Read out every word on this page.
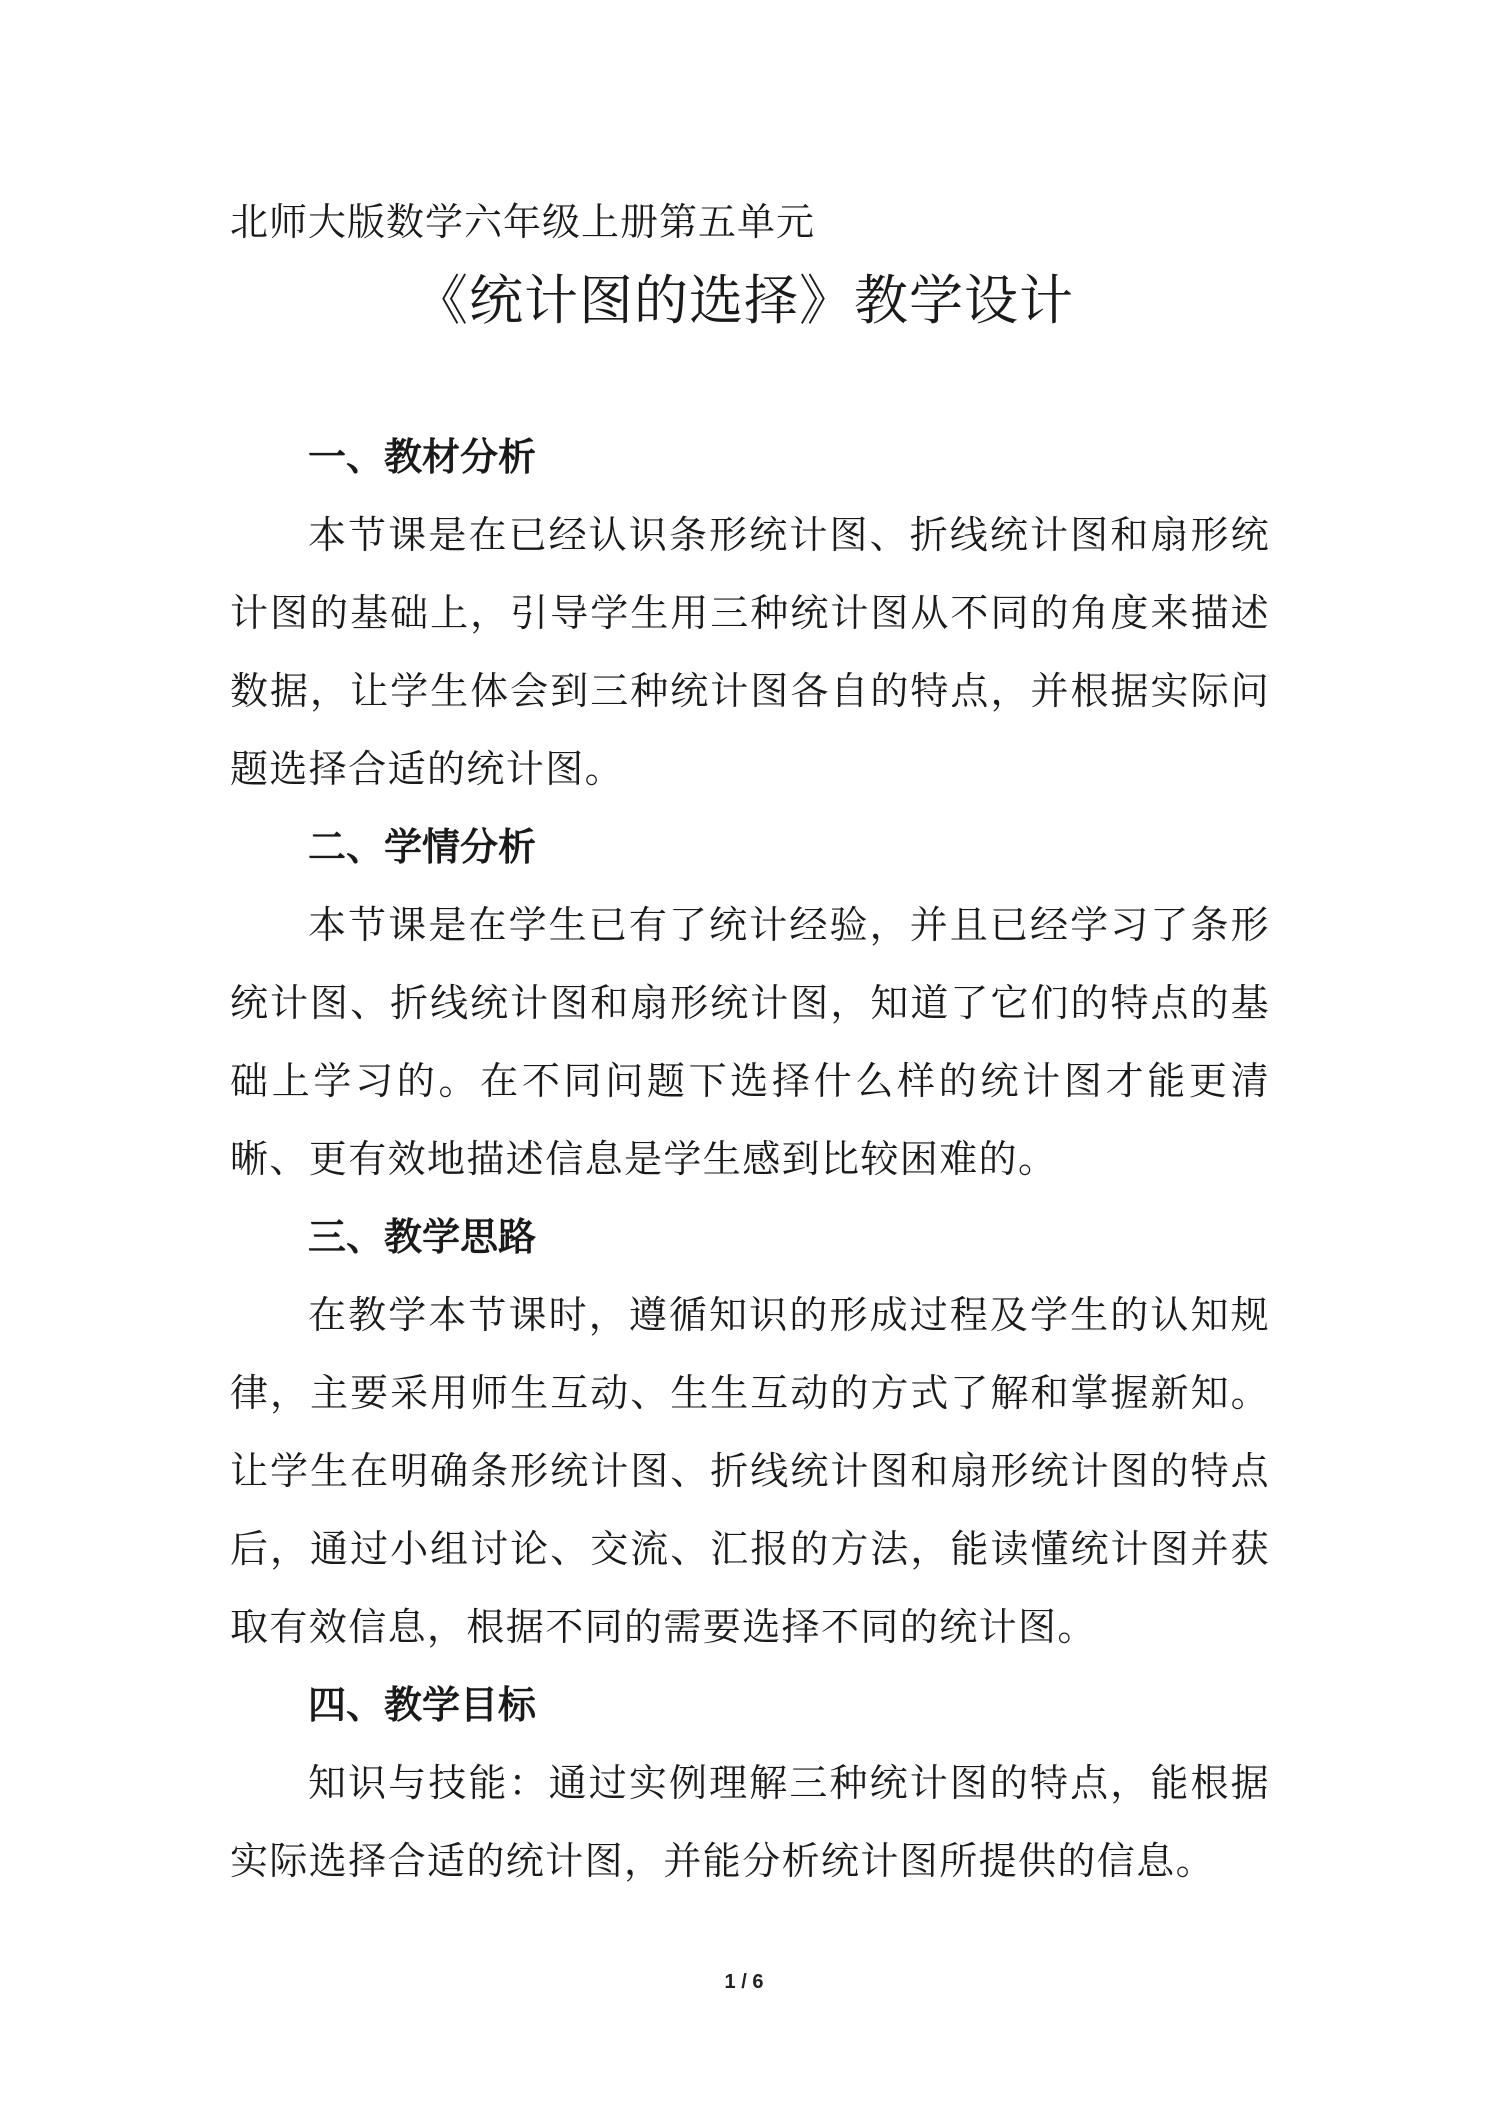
北师大版数学六年级上册第五单元
《统计图的选择》教学设计
一、教材分析

本节课是在已经认识条形统计图、折线统计图和扇形统计图的基础上，引导学生用三种统计图从不同的角度来描述数据，让学生体会到三种统计图各自的特点，并根据实际问题选择合适的统计图。

二、学情分析

本节课是在学生已有了统计经验，并且已经学习了条形统计图、折线统计图和扇形统计图，知道了它们的特点的基础上学习的。在不同问题下选择什么样的统计图才能更清晰、更有效地描述信息是学生感到比较困难的。

三、教学思路

在教学本节课时，遵循知识的形成过程及学生的认知规律，主要采用师生互动、生生互动的方式了解和掌握新知。让学生在明确条形统计图、折线统计图和扇形统计图的特点后，通过小组讨论、交流、汇报的方法，能读懂统计图并获取有效信息，根据不同的需要选择不同的统计图。

四、教学目标

知识与技能：通过实例理解三种统计图的特点，能根据实际选择合适的统计图，并能分析统计图所提供的信息。

1 / 6
